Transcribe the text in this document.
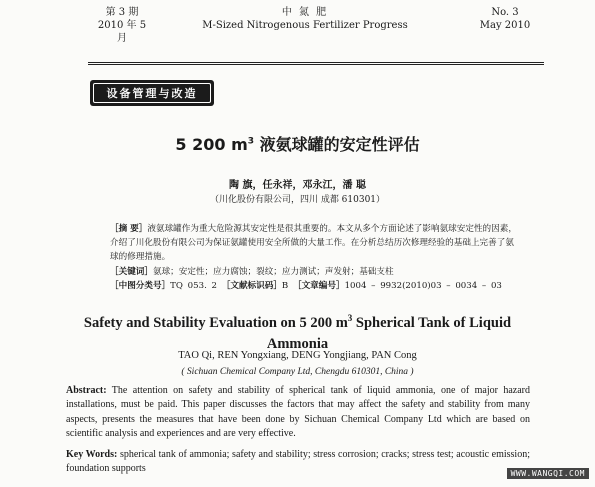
第 3 期
2010 年 5 月
中 氮 肥
M-Sized Nitrogenous Fertilizer Progress
No. 3
May 2010
设备管理与改造
5 200 $m^3$ 液氨球罐的安定性评估
陶 旗，任永祥，邓永江，潘 聪
（川化股份有限公司，四川 成都 610301）
［摘 要］液氨球罐作为重大危险源其安定性是很其重要的。本文从多个方面论述了影响氨球安定性的因素，介绍了川化股份有限公司为保证氨罐使用安全所做的大量工作。在分析总结历次修理经验的基础上完善了氨球的修理措施。
［关键词］氨球；安定性；应力腐蚀；裂纹；应力测试；声发射；基础支柱
［中图分类号］TQ 053. 2 ［文献标识码］B ［文章编号］1004 – 9932(2010)03 – 0034 – 03
Safety and Stability Evaluation on 5 200 $m^3$ Spherical Tank of Liquid Ammonia
TAO Qi, REN Yongxiang, DENG Yongjiang, PAN Cong
( Sichuan Chemical Company Ltd, Chengdu 610301, China )
Abstract: The attention on safety and stability of spherical tank of liquid ammonia, one of major hazard installations, must be paid. This paper discusses the factors that may affect the safety and stability from many aspects, presents the measures that have been done by Sichuan Chemical Company Ltd which are based on scientific analysis and experiences and are very effective.
Key Words: spherical tank of ammonia; safety and stability; stress corrosion; cracks; stress test; acoustic emission; foundation supports	WWW.WANGQI.COM
